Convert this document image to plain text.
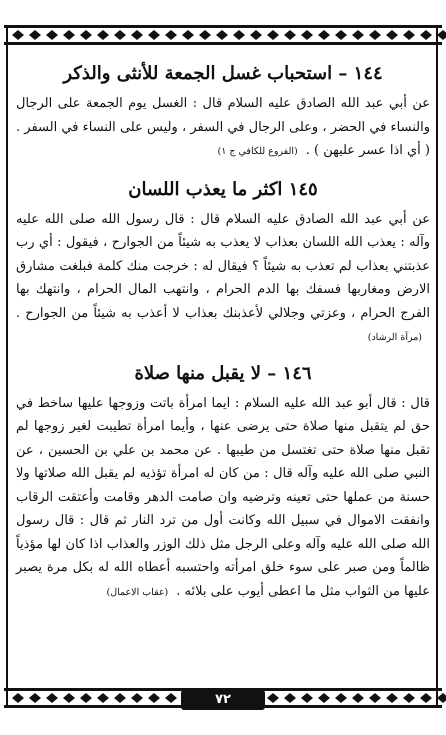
١٤٤ – استحباب غسل الجمعة للأنثى والذكر

عن أبي عبد الله الصادق عليه السلام قال : الغسل يوم الجمعة على الرجال والنساء في الحضر ، وعلى الرجال في السفر ، وليس على النساء في السفر . ( أي اذا عسر عليهن ) .(الفروع للكافي ج ١)

١٤٥ اكثر ما يعذب اللسان

عن أبي عبد الله الصادق عليه السلام قال : قال رسول الله صلى الله عليه وآله : يعذب الله اللسان بعذاب لا يعذب به شيئاً من الجوارح ، فيقول : أي رب عذبتني بعذاب لم تعذب به شيئاً ؟ فيقال له : خرجت منك كلمة فبلغت مشارق الارض ومغاربها فسفك بها الدم الحرام ، وانتهب المال الحرام ، وانتهك بها الفرج الحرام ، وعزتي وجلالي لأعذبنك بعذاب لا أعذب به شيئاً من الجوارح .(مرآة الرشاد)

١٤٦ – لا يقبل منها صلاة

قال : قال أبو عبد الله عليه السلام : ايما امرأة باتت وزوجها عليها ساخط في حق لم يتقبل منها صلاة حتى يرضى عنها ، وأيما امرأة تطيبت لغير زوجها لم تقبل منها صلاة حتى تغتسل من طيبها . عن محمد بن علي بن الحسين ، عن النبي صلى الله عليه وآله قال : من كان له امرأة تؤذيه لم يقبل الله صلاتها ولا حسنة من عملها حتى تعينه وترضيه وان صامت الدهر وقامت وأعتقت الرقاب وانفقت الاموال في سبيل الله وكانت أول من ترد النار ثم قال : قال رسول الله صلى الله عليه وآله وعلى الرجل مثل ذلك الوزر والعذاب اذا كان لها مؤذياً ظالماً ومن صبر على سوء خلق امرأته واحتسبه أعطاه الله له بكل مرة يصبر عليها من الثواب مثل ما اعطى أيوب على بلائه .(عقاب الاعمال)

٧٢
